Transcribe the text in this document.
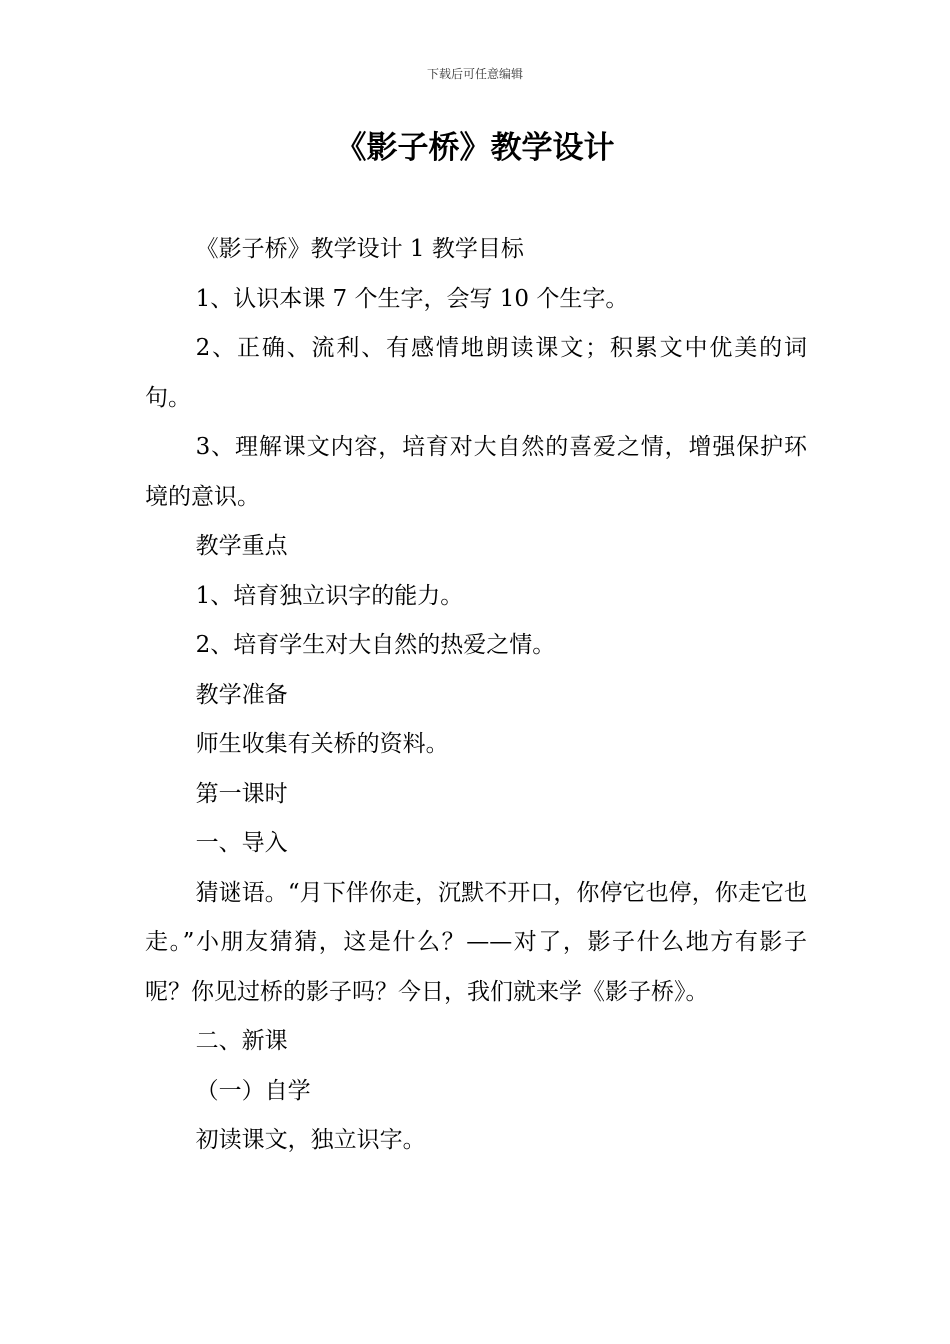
下载后可任意编辑
《影子桥》教学设计

《影子桥》教学设计 1 教学目标

1、认识本课 7 个生字，会写 10 个生字。

2、正确、流利、有感情地朗读课文；积累文中优美的词句。

3、理解课文内容，培育对大自然的喜爱之情，增强保护环境的意识。

教学重点

1、培育独立识字的能力。

2、培育学生对大自然的热爱之情。

教学准备

师生收集有关桥的资料。

第一课时

一、导入

猜谜语。“月下伴你走，沉默不开口，你停它也停，你走它也走。”小朋友猜猜，这是什么？——对了，影子什么地方有影子呢？你见过桥的影子吗？今日，我们就来学《影子桥》。

二、新课

（一）自学

初读课文，独立识字。
